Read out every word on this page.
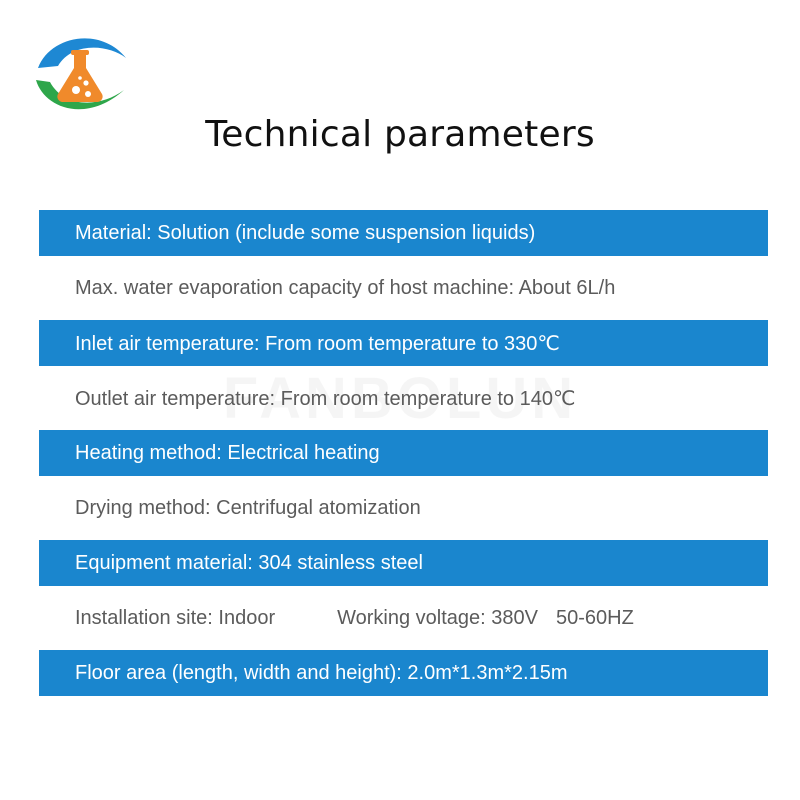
Technical parameters
Material: Solution (include some suspension liquids)
Max. water evaporation capacity of host machine: About 6L/h
Inlet air temperature: From room temperature to 330℃
Outlet air temperature: From room temperature to 140℃
Heating method: Electrical heating
Drying method: Centrifugal atomization
Equipment material: 304 stainless steel
Installation site: Indoor	Working voltage: 380V 50-60HZ
Floor area (length, width and height): 2.0m*1.3m*2.15m
